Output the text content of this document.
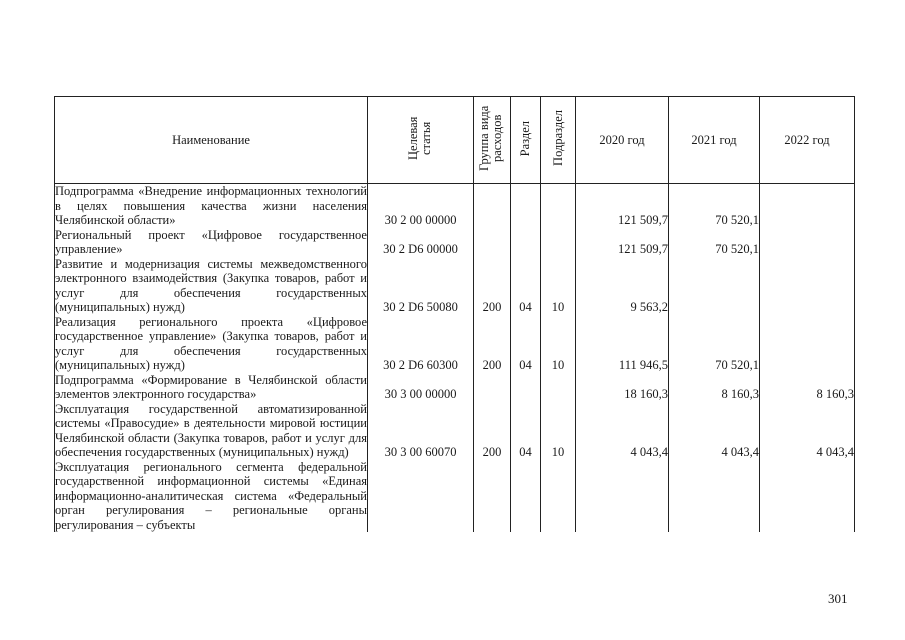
Наименование	Целевая статья	Группа вида расходов	Раздел	Подраздел	2020 год	2021 год	2022 год
Подпрограмма «Внедрение информационных технологий в целях повышения качества жизни населения Челябинской области»	30 2 00 00000				121 509,7	70 520,1	
Региональный проект «Цифровое государственное управление»	30 2 D6 00000				121 509,7	70 520,1	
Развитие и модернизация системы межведомственного электронного взаимодействия (Закупка товаров, работ и услуг для обеспечения государственных (муниципальных) нужд)	30 2 D6 50080	200	04	10	9 563,2		
Реализация регионального проекта «Цифровое государственное управление» (Закупка товаров, работ и услуг для обеспечения государственных (муниципальных) нужд)	30 2 D6 60300	200	04	10	111 946,5	70 520,1	
Подпрограмма «Формирование в Челябинской области элементов электронного государства»	30 3 00 00000				18 160,3	8 160,3	8 160,3
Эксплуатация государственной автоматизированной системы «Правосудие» в деятельности мировой юстиции Челябинской области (Закупка товаров, работ и услуг для обеспечения государственных (муниципальных) нужд)	30 3 00 60070	200	04	10	4 043,4	4 043,4	4 043,4
Эксплуатация регионального сегмента федеральной государственной информационной системы «Единая информационно-аналитическая система «Федеральный орган регулирования – региональные органы регулирования – субъекты							
301
